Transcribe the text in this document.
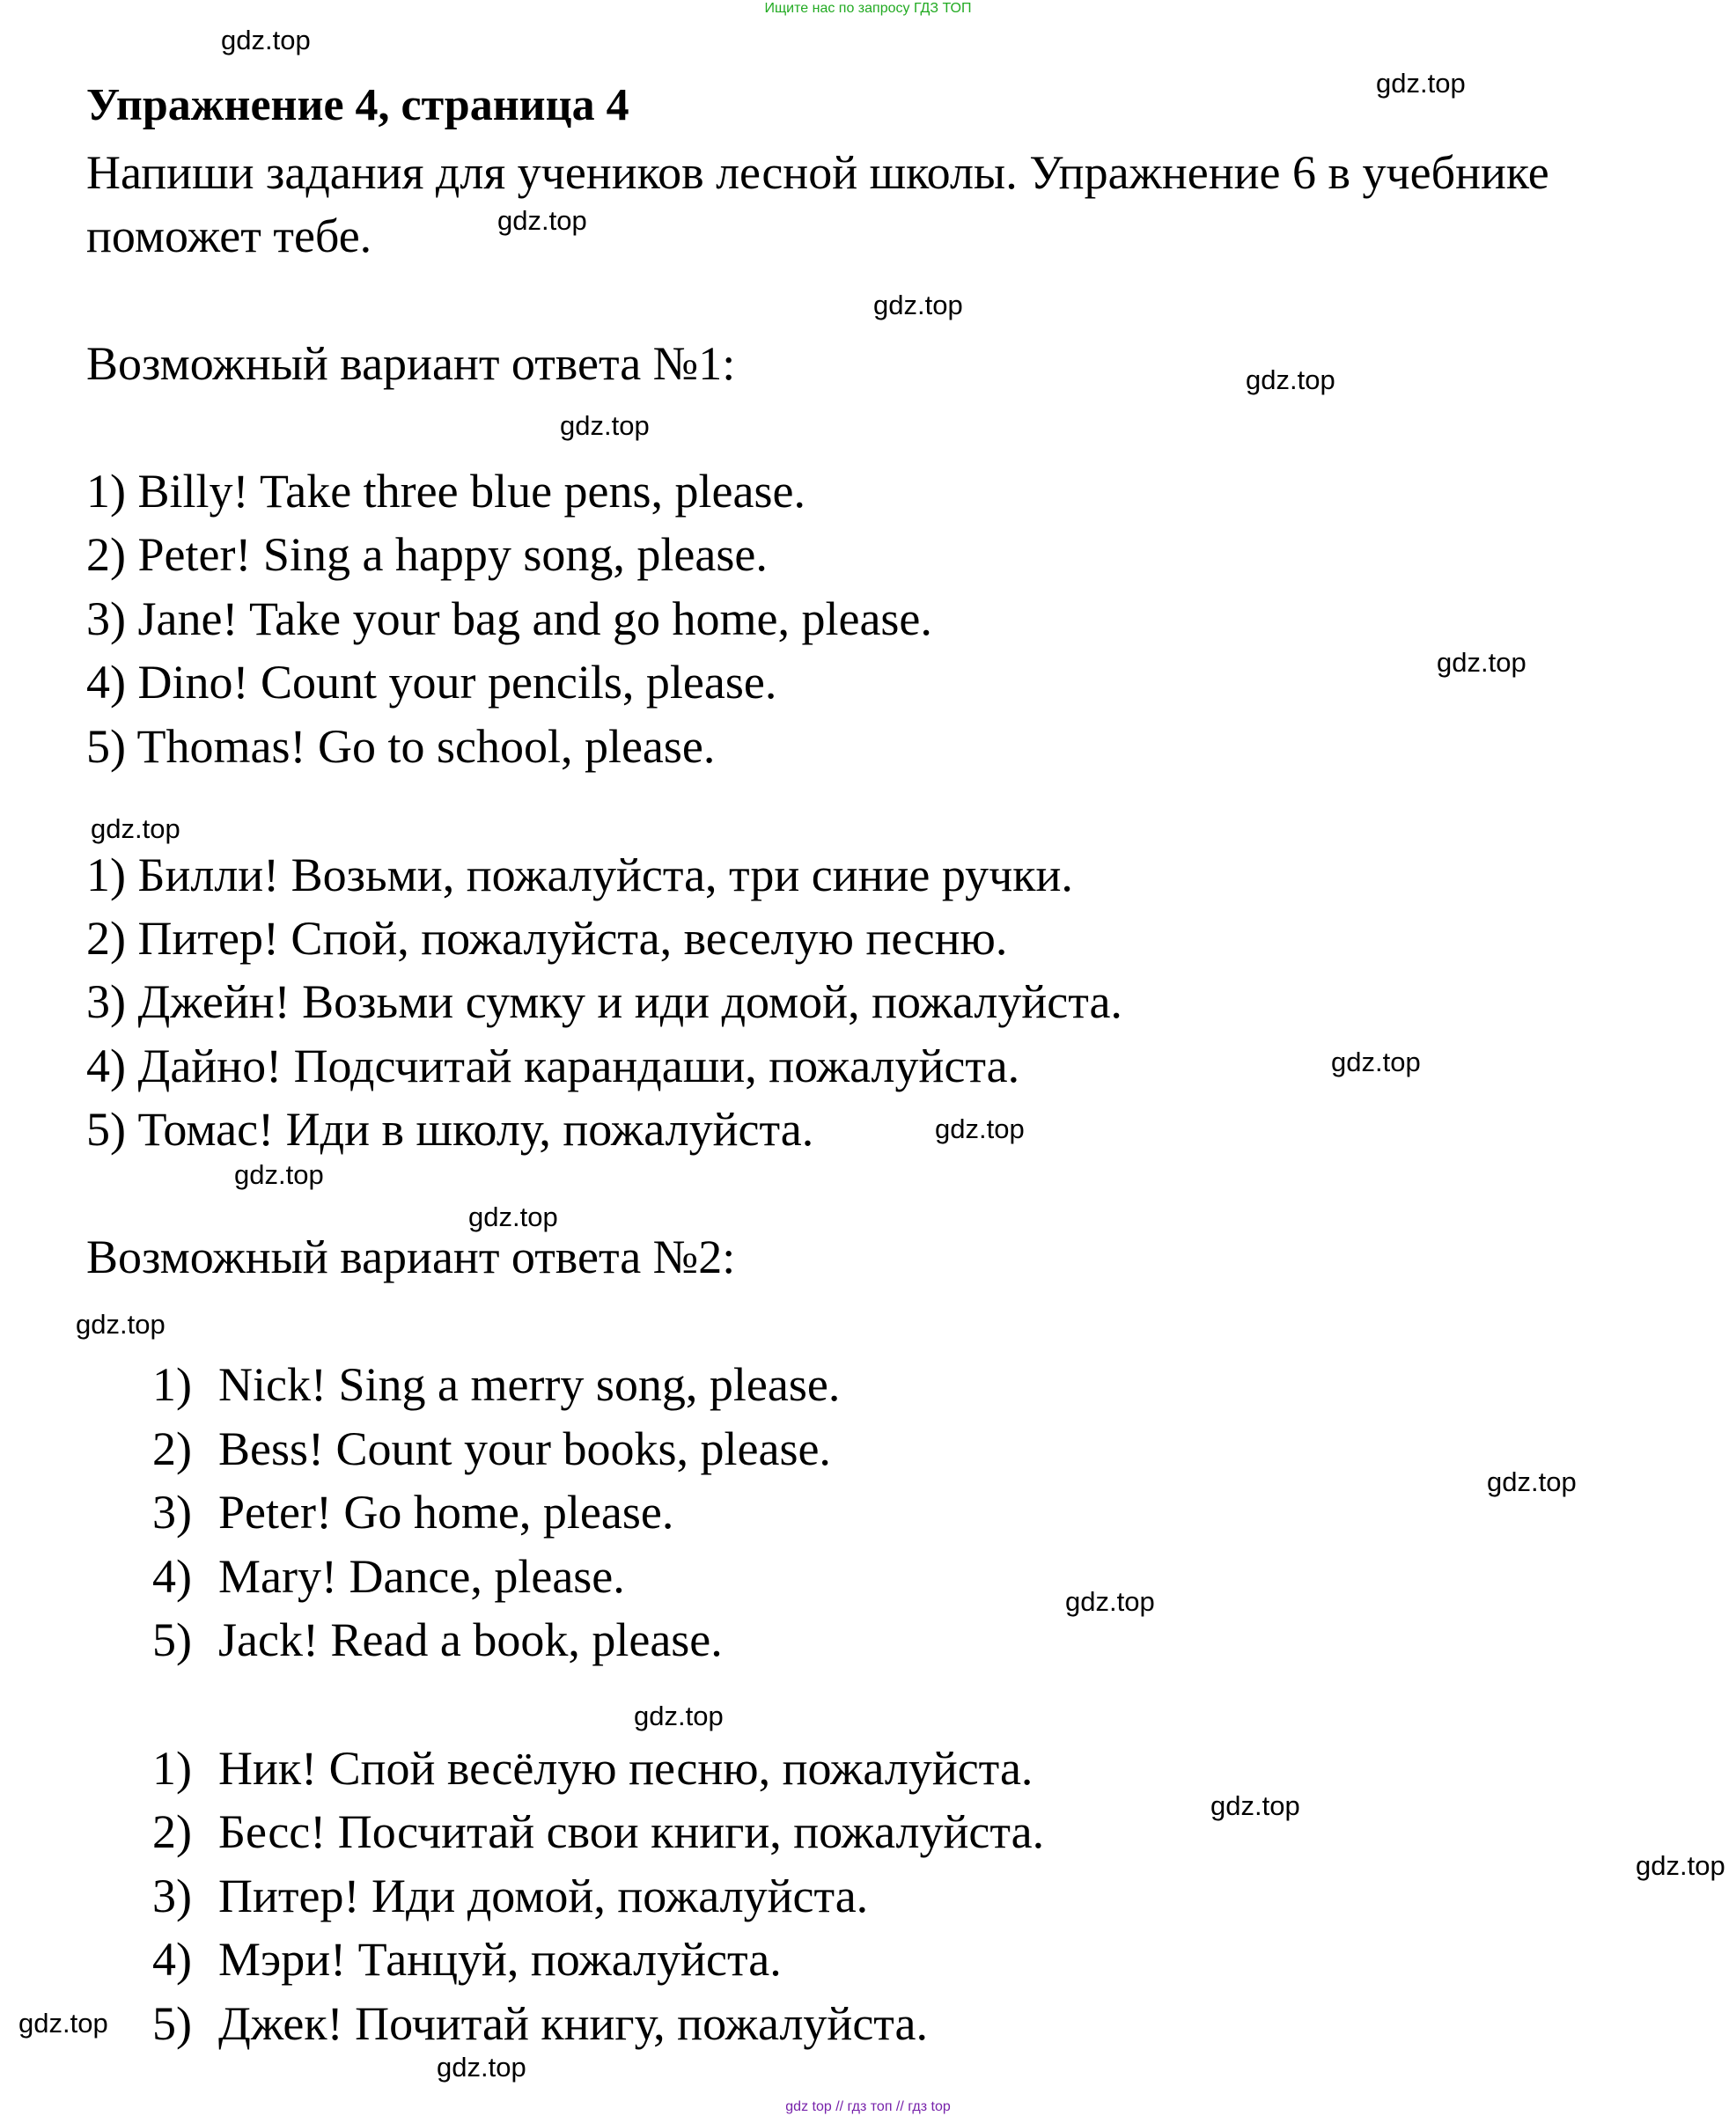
Ищите нас по запросу ГДЗ ТОП
Упражнение 4, страница 4
Напиши задания для учеников лесной школы. Упражнение 6 в учебнике поможет тебе.
Возможный вариант ответа №1:
1) Billy! Take three blue pens, please.
2) Peter! Sing a happy song, please.
3) Jane! Take your bag and go home, please.
4) Dino! Count your pencils, please.
5) Thomas! Go to school, please.
1) Билли! Возьми, пожалуйста, три синие ручки.
2) Питер! Спой, пожалуйста, веселую песню.
3) Джейн! Возьми сумку и иди домой, пожалуйста.
4) Дайно! Подсчитай карандаши, пожалуйста.
5) Томас! Иди в школу, пожалуйста.
Возможный вариант ответа №2:
1) Nick! Sing a merry song, please.
2) Bess! Count your books, please.
3) Peter! Go home, please.
4) Mary! Dance, please.
5) Jack! Read a book, please.
1) Ник! Спой весёлую песню, пожалуйста.
2) Бесс! Посчитай свои книги, пожалуйста.
3) Питер! Иди домой, пожалуйста.
4) Мэри! Танцуй, пожалуйста.
5) Джек! Почитай книгу, пожалуйста.
gdz.top
gdz.top
gdz.top
gdz.top
gdz.top
gdz.top
gdz.top
gdz.top
gdz.top
gdz.top
gdz.top
gdz.top
gdz.top
gdz.top
gdz.top
gdz.top
gdz.top
gdz.top
gdz.top
gdz.top
gdz top // гдз топ // гдз top
